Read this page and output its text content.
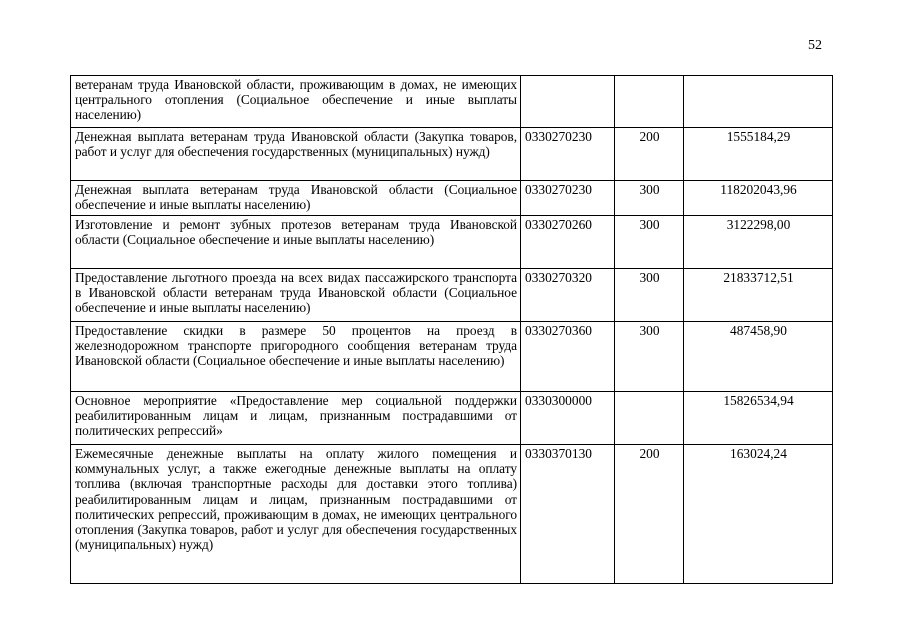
52
ветеранам труда Ивановской области, проживающим в домах, не имеющих центрального отопления (Социальное обеспечение и иные выплаты населению)			
Денежная выплата ветеранам труда Ивановской области (Закупка товаров, работ и услуг для обеспечения государственных (муниципальных) нужд)	0330270230	200	1555184,29
Денежная выплата ветеранам труда Ивановской области (Социальное обеспечение и иные выплаты населению)	0330270230	300	118202043,96
Изготовление и ремонт зубных протезов ветеранам труда Ивановской области (Социальное обеспечение и иные выплаты населению)	0330270260	300	3122298,00
Предоставление льготного проезда на всех видах пассажирского транспорта в Ивановской области ветеранам труда Ивановской области (Социальное обеспечение и иные выплаты населению)	0330270320	300	21833712,51
Предоставление скидки в размере 50 процентов на проезд в железнодорожном транспорте пригородного сообщения ветеранам труда Ивановской области (Социальное обеспечение и иные выплаты населению)	0330270360	300	487458,90
Основное мероприятие «Предоставление мер социальной поддержки реабилитированным лицам и лицам, признанным пострадавшими от политических репрессий»	0330300000		15826534,94
Ежемесячные денежные выплаты на оплату жилого помещения и коммунальных услуг, а также ежегодные денежные выплаты на оплату топлива (включая транспортные расходы для доставки этого топлива) реабилитированным лицам и лицам, признанным пострадавшими от политических репрессий, проживающим в домах, не имеющих центрального отопления (Закупка товаров, работ и услуг для обеспечения государственных (муниципальных) нужд)	0330370130	200	163024,24
